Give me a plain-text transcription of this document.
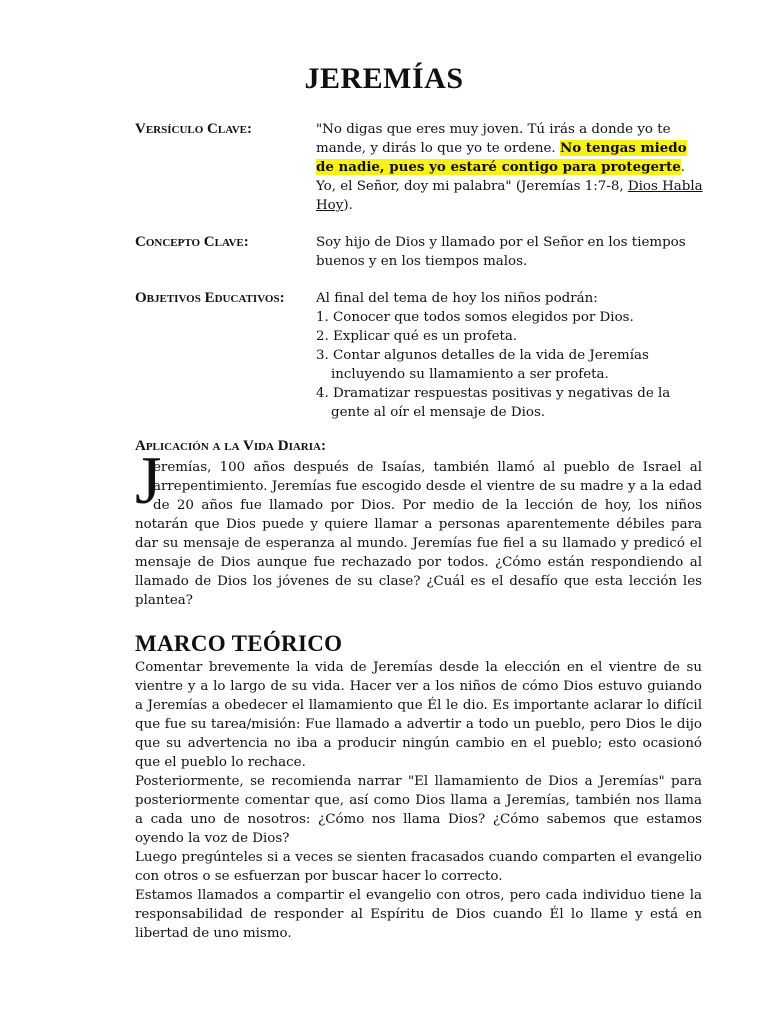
JEREMÍAS
Versículo Clave:	"No digas que eres muy joven. Tú irás a donde yo te mande, y dirás lo que yo te ordene. No tengas miedo de nadie, pues yo estaré contigo para protegerte. Yo, el Señor, doy mi palabra" (Jeremías 1:7-8, Dios Habla Hoy).
Concepto Clave:	Soy hijo de Dios y llamado por el Señor en los tiempos buenos y en los tiempos malos.
Objetivos Educativos:	Al final del tema de hoy los niños podrán:
1. Conocer que todos somos elegidos por Dios.
2. Explicar qué es un profeta.
3. Contar algunos detalles de la vida de Jeremías incluyendo su llamamiento a ser profeta.
4. Dramatizar respuestas positivas y negativas de la gente al oír el mensaje de Dios.
Aplicación a la Vida Diaria:
J
eremías, 100 años después de Isaías, también llamó al pueblo de Israel al arrepentimiento. Jeremías fue escogido desde el vientre de su madre y a la edad de 20 años fue llamado por Dios. Por medio de la lección de hoy, los niños notarán que Dios puede y quiere llamar a personas aparentemente débiles para dar su mensaje de esperanza al mundo. Jeremías fue fiel a su llamado y predicó el mensaje de Dios aunque fue rechazado por todos. ¿Cómo están respondiendo al llamado de Dios los jóvenes de su clase? ¿Cuál es el desafío que esta lección les plantea?
MARCO TEÓRICO
Comentar brevemente la vida de Jeremías desde la elección en el vientre de su vientre y a lo largo de su vida. Hacer ver a los niños de cómo Dios estuvo guiando a Jeremías a obedecer el llamamiento que Él le dio. Es importante aclarar lo difícil que fue su tarea/misión: Fue llamado a advertir a todo un pueblo, pero Dios le dijo que su advertencia no iba a producir ningún cambio en el pueblo; esto ocasionó que el pueblo lo rechace.
Posteriormente, se recomienda narrar "El llamamiento de Dios a Jeremías" para posteriormente comentar que, así como Dios llama a Jeremías, también nos llama a cada uno de nosotros: ¿Cómo nos llama Dios? ¿Cómo sabemos que estamos oyendo la voz de Dios?
Luego pregúnteles si a veces se sienten fracasados cuando comparten el evangelio con otros o se esfuerzan por buscar hacer lo correcto.
Estamos llamados a compartir el evangelio con otros, pero cada individuo tiene la responsabilidad de responder al Espíritu de Dios cuando Él lo llame y está en libertad de uno mismo.
